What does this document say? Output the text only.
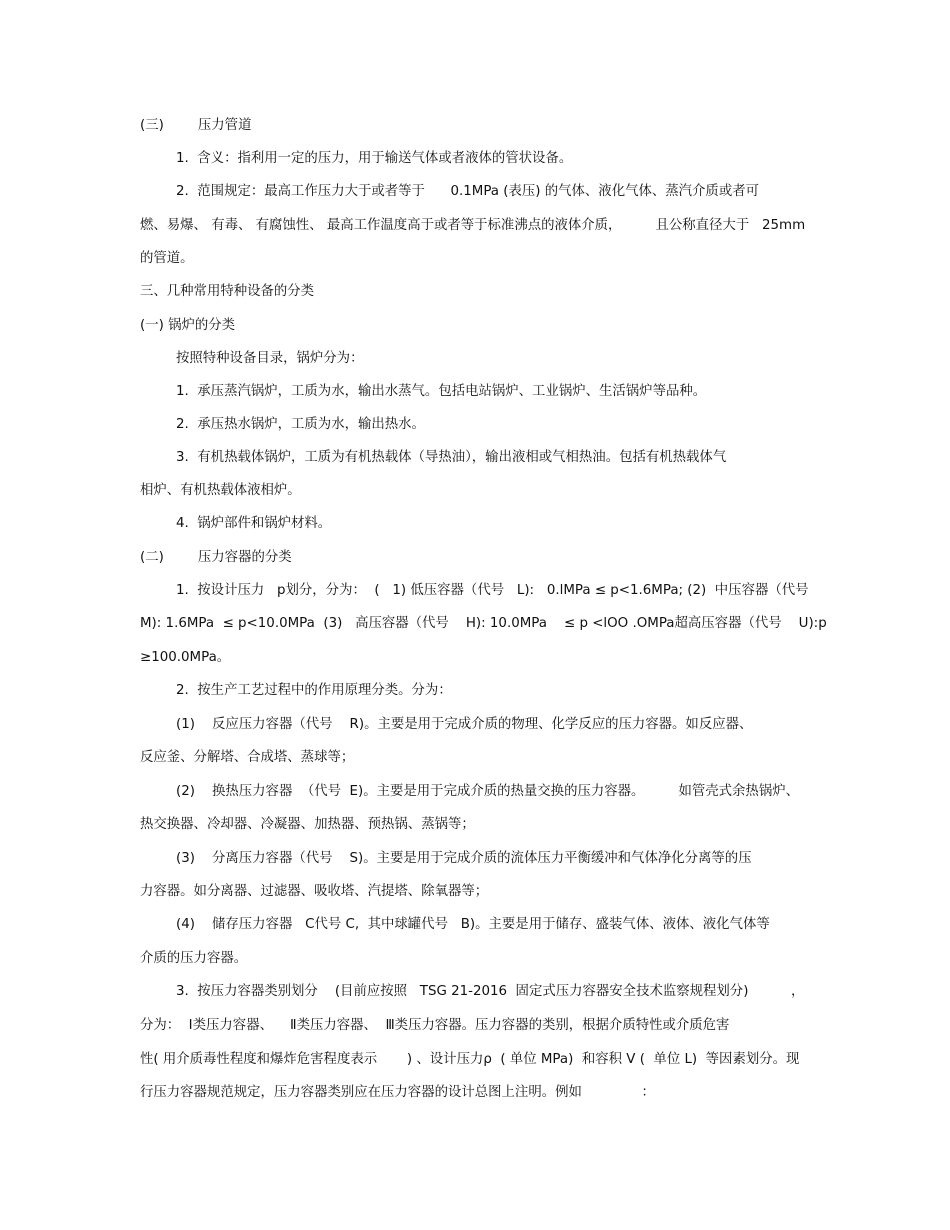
(三)        压力管道
1.  含义：指利用一定的压力，用于输送气体或者液体的管状设备。
2.  范围规定：最高工作压力大于或者等于      0.1MPa (表压) 的气体、液化气体、蒸汽介质或者可
燃、易爆、 有毒、 有腐蚀性、 最高工作温度高于或者等于标准沸点的液体介质，        且公称直径大于   25mm
的管道。
三、几种常用特种设备的分类
(一) 锅炉的分类
按照特种设备目录，锅炉分为：
1.  承压蒸汽锅炉，工质为水，输出水蒸气。包括电站锅炉、工业锅炉、生活锅炉等品种。
2.  承压热水锅炉，工质为水，输出热水。
3.  有机热载体锅炉，工质为有机热载体（导热油），输出液相或气相热油。包括有机热载体气
相炉、有机热载体液相炉。
4.  锅炉部件和锅炉材料。
(二)        压力容器的分类
1.  按设计压力   p划分，分为：  (   1) 低压容器（代号   L):   0.lMPa ≤ p<1.6MPa; (2)  中压容器（代号
M): 1.6MPa  ≤ p<10.0MPa  (3)   高压容器（代号    H): 10.0MPa    ≤ p <lOO .OMPa超高压容器（代号    U):p
≥100.0MPa。
2.  按生产工艺过程中的作用原理分类。分为：
(1)    反应压力容器（代号    R)。主要是用于完成介质的物理、化学反应的压力容器。如反应器、
反应釜、分解塔、合成塔、蒸球等；
(2)    换热压力容器  （代号  E)。主要是用于完成介质的热量交换的压力容器。        如管壳式余热锅炉、
热交换器、冷却器、冷凝器、加热器、预热锅、蒸锅等；
(3)    分离压力容器（代号    S)。主要是用于完成介质的流体压力平衡缓冲和气体净化分离等的压
力容器。如分离器、过滤器、吸收塔、汽提塔、除氧器等；
(4)    储存压力容器   C代号 C,  其中球罐代号   B)。主要是用于储存、盛装气体、液体、液化气体等
介质的压力容器。
3.  按压力容器类别划分    (目前应按照   TSG 21-2016  固定式压力容器安全技术监察规程划分)          ，
分为：  Ⅰ类压力容器、    Ⅱ类压力容器、  Ⅲ类压力容器。压力容器的类别，根据介质特性或介质危害
性( 用介质毒性程度和爆炸危害程度表示       ) 、设计压力ρ  ( 单位 MPa)  和容积 V (  单位 L)  等因素划分。现
行压力容器规范规定，压力容器类别应在压力容器的设计总图上注明。例如              ：
